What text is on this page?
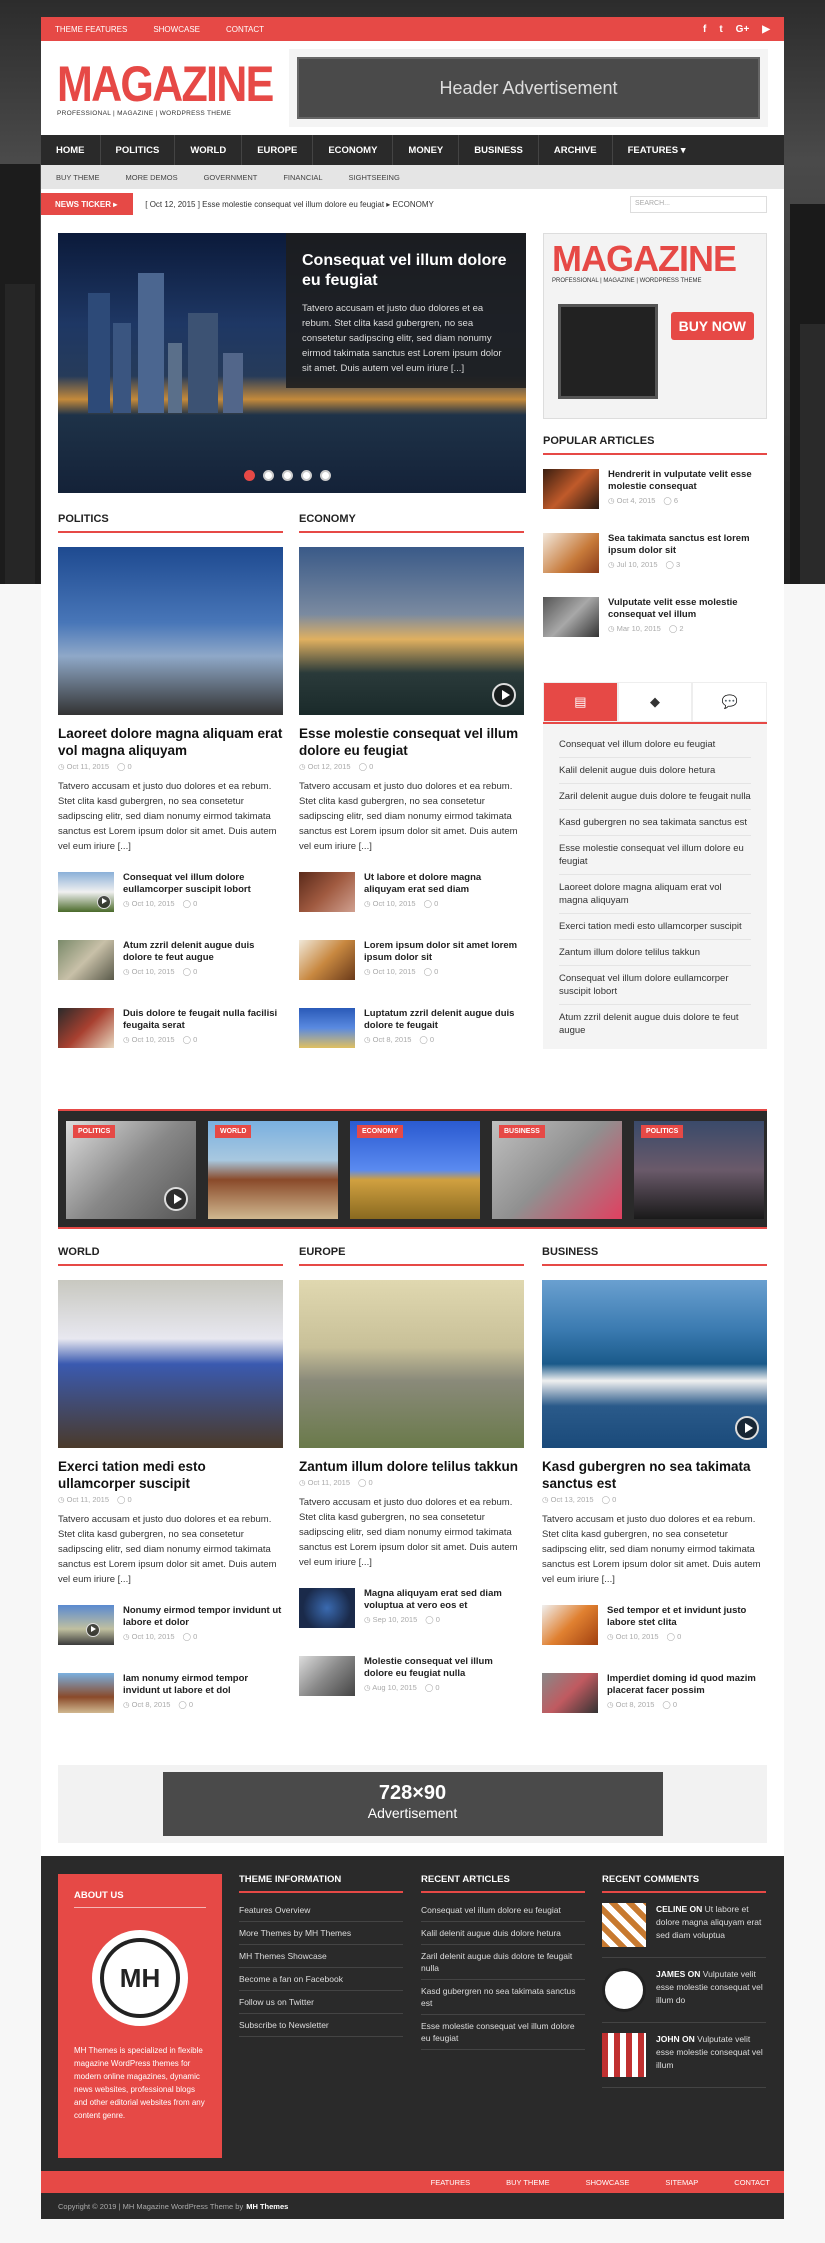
THEME FEATURES	SHOWCASE	CONTACT	f t G+ ▶
MAGAZINE
PROFESSIONAL | MAGAZINE | WORDPRESS THEME
Header Advertisement
HOME	POLITICS	WORLD	EUROPE	ECONOMY	MONEY	BUSINESS	ARCHIVE	FEATURES ▾
BUY THEME	MORE DEMOS	GOVERNMENT	FINANCIAL	SIGHTSEEING
NEWS TICKER ▸	[ Oct 12, 2015 ] Esse molestie consequat vel illum dolore eu feugiat ▸ ECONOMY	SEARCH...
Consequat vel illum dolore eu feugiat

Tatvero accusam et justo duo dolores et ea rebum. Stet clita kasd gubergren, no sea consetetur sadipscing elitr, sed diam nonumy eirmod takimata sanctus est Lorem ipsum dolor sit amet. Duis autem vel eum iriure [...]

MAGAZINE
PROFESSIONAL | MAGAZINE | WORDPRESS THEME
BUY NOW
POPULAR ARTICLES
Hendrerit in vulputate velit esse molestie consequat
◷ Oct 4, 2015 ◯ 6
Sea takimata sanctus est lorem ipsum dolor sit
◷ Jul 10, 2015 ◯ 3
Vulputate velit esse molestie consequat vel illum
◷ Mar 10, 2015 ◯ 2
▤	◆	💬
Consequat vel illum dolore eu feugiat
Kalil delenit augue duis dolore hetura
Zaril delenit augue duis dolore te feugait nulla
Kasd gubergren no sea takimata sanctus est
Esse molestie consequat vel illum dolore eu feugiat
Laoreet dolore magna aliquam erat vol magna aliquyam
Exerci tation medi esto ullamcorper suscipit
Zantum illum dolore telilus takkun
Consequat vel illum dolore eullamcorper suscipit lobort
Atum zzril delenit augue duis dolore te feut augue
POLITICS
Laoreet dolore magna aliquam erat vol magna aliquyam
◷ Oct 11, 2015 ◯ 0

Tatvero accusam et justo duo dolores et ea rebum. Stet clita kasd gubergren, no sea consetetur sadipscing elitr, sed diam nonumy eirmod takimata sanctus est Lorem ipsum dolor sit amet. Duis autem vel eum iriure [...]

Consequat vel illum dolore eullamcorper suscipit lobort
◷ Oct 10, 2015 ◯ 0
Atum zzril delenit augue duis dolore te feut augue
◷ Oct 10, 2015 ◯ 0
Duis dolore te feugait nulla facilisi feugaita serat
◷ Oct 10, 2015 ◯ 0
ECONOMY
Esse molestie consequat vel illum dolore eu feugiat
◷ Oct 12, 2015 ◯ 0

Tatvero accusam et justo duo dolores et ea rebum. Stet clita kasd gubergren, no sea consetetur sadipscing elitr, sed diam nonumy eirmod takimata sanctus est Lorem ipsum dolor sit amet. Duis autem vel eum iriure [...]

Ut labore et dolore magna aliquyam erat sed diam
◷ Oct 10, 2015 ◯ 0
Lorem ipsum dolor sit amet lorem ipsum dolor sit
◷ Oct 10, 2015 ◯ 0
Luptatum zzril delenit augue duis dolore te feugait
◷ Oct 8, 2015 ◯ 0
POLITICS	WORLD	ECONOMY	BUSINESS	POLITICS
WORLD
Exerci tation medi esto ullamcorper suscipit
◷ Oct 11, 2015 ◯ 0

Tatvero accusam et justo duo dolores et ea rebum. Stet clita kasd gubergren, no sea consetetur sadipscing elitr, sed diam nonumy eirmod takimata sanctus est Lorem ipsum dolor sit amet. Duis autem vel eum iriure [...]

Nonumy eirmod tempor invidunt ut labore et dolor
◷ Oct 10, 2015 ◯ 0
Iam nonumy eirmod tempor invidunt ut labore et dol
◷ Oct 8, 2015 ◯ 0
EUROPE
Zantum illum dolore telilus takkun
◷ Oct 11, 2015 ◯ 0

Tatvero accusam et justo duo dolores et ea rebum. Stet clita kasd gubergren, no sea consetetur sadipscing elitr, sed diam nonumy eirmod takimata sanctus est Lorem ipsum dolor sit amet. Duis autem vel eum iriure [...]

Magna aliquyam erat sed diam voluptua at vero eos et
◷ Sep 10, 2015 ◯ 0
Molestie consequat vel illum dolore eu feugiat nulla
◷ Aug 10, 2015 ◯ 0
BUSINESS
Kasd gubergren no sea takimata sanctus est
◷ Oct 13, 2015 ◯ 0

Tatvero accusam et justo duo dolores et ea rebum. Stet clita kasd gubergren, no sea consetetur sadipscing elitr, sed diam nonumy eirmod takimata sanctus est Lorem ipsum dolor sit amet. Duis autem vel eum iriure [...]

Sed tempor et et invidunt justo labore stet clita
◷ Oct 10, 2015 ◯ 0
Imperdiet doming id quod mazim placerat facer possim
◷ Oct 8, 2015 ◯ 0
728×90
Advertisement
ABOUT US
MH

MH Themes is specialized in flexible magazine WordPress themes for modern online magazines, dynamic news websites, professional blogs and other editorial websites from any content genre.

THEME INFORMATION
Features Overview
More Themes by MH Themes
MH Themes Showcase
Become a fan on Facebook
Follow us on Twitter
Subscribe to Newsletter
RECENT ARTICLES
Consequat vel illum dolore eu feugiat
Kalil delenit augue duis dolore hetura
Zaril delenit augue duis dolore te feugait nulla
Kasd gubergren no sea takimata sanctus est
Esse molestie consequat vel illum dolore eu feugiat
RECENT COMMENTS

CELINE ON Ut labore et dolore magna aliquyam erat sed diam voluptua

JAMES ON Vulputate velit esse molestie consequat vel illum do

JOHN ON Vulputate velit esse molestie consequat vel illum

FEATURES	BUY THEME	SHOWCASE	SITEMAP	CONTACT
Copyright © 2019 | MH Magazine WordPress Theme by MH Themes
